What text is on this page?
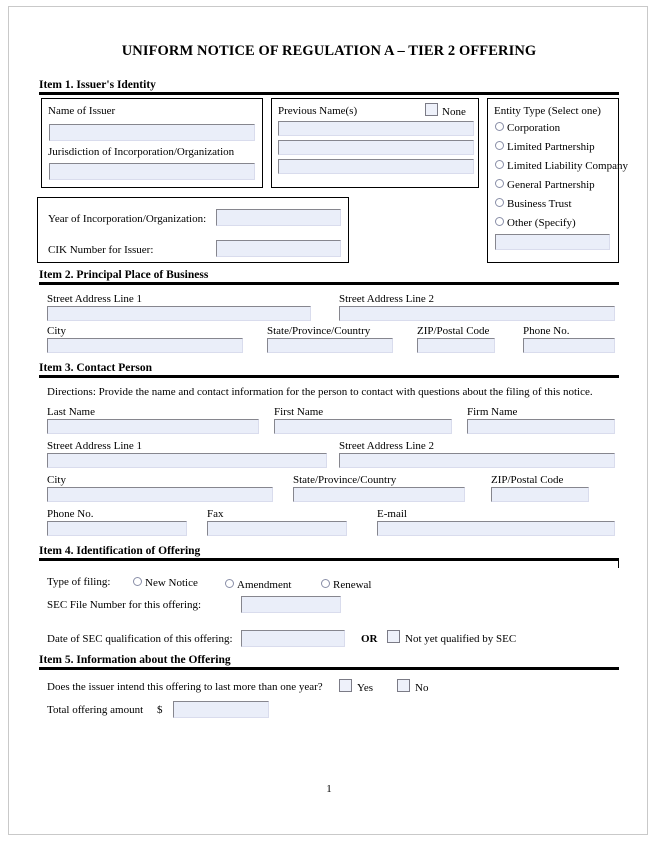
UNIFORM NOTICE OF REGULATION A – TIER 2 OFFERING
Item 1. Issuer's Identity
Name of Issuer
Jurisdiction of Incorporation/Organization
Previous Name(s)	None	Entity Type (Select one)
Corporation
Limited Partnership
Limited Liability Company
General Partnership
Business Trust
Other (Specify)
Year of Incorporation/Organization:
CIK Number for Issuer:
Item 2. Principal Place of Business
Street Address Line 1	Street Address Line 2
City	State/Province/Country	ZIP/Postal Code	Phone No.
Item 3. Contact Person
Directions: Provide the name and contact information for the person to contact with questions about the filing of this notice.
Last Name	First Name	Firm Name
Street Address Line 1	Street Address Line 2
City	State/Province/Country	ZIP/Postal Code
Phone No.	Fax	E-mail
Item 4. Identification of Offering
Type of filing:	New Notice	Amendment	Renewal
SEC File Number for this offering:
Date of SEC qualification of this offering:	OR	Not yet qualified by SEC
Item 5. Information about the Offering
Does the issuer intend this offering to last more than one year?	Yes	No
Total offering amount $
1
